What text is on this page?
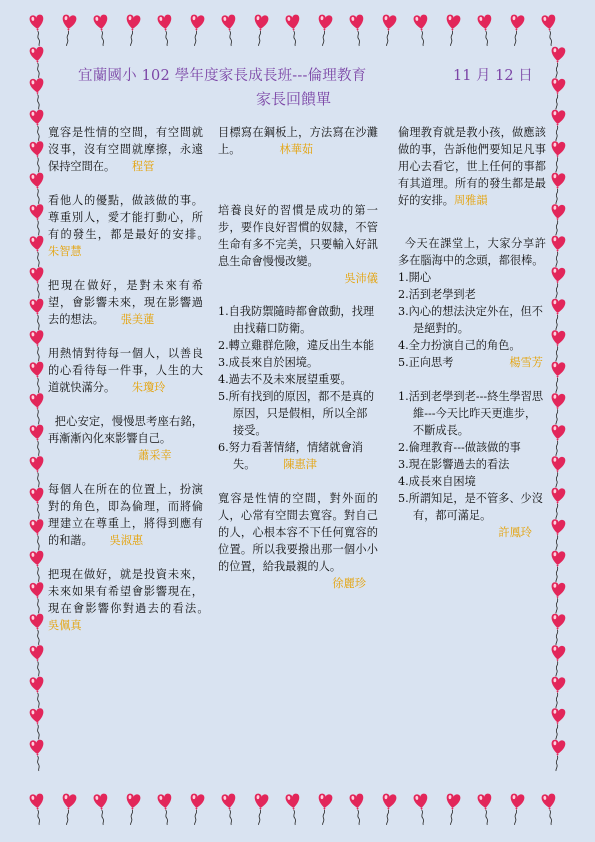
宜蘭國小 102 學年度家長成長班---倫理教育	11 月 12 日
家長回饋單

寬容是性情的空間，有空間就沒事，沒有空間就摩擦，永遠保持空間在。　　 程管

看他人的優點，做該做的事。尊重別人，愛才能打動心，所有的發生，都是最好的安排。　　朱智慧

把現在做好，是對未來有希望，會影響未來，現在影響過去的想法。　　 張美蓮

用熱情對待每一個人，以善良的心看待每一件事，人生的大道就快滿分。　　 朱瓊玲

把心安定，慢慢思考座右銘，再漸漸內化來影響自己。
蕭采幸

每個人在所在的位置上，扮演對的角色，即為倫理，而將倫理建立在尊重上，將得到應有的和諧。　　 吳淑惠

把現在做好，就是投資未來，未來如果有希望會影響現在，現在會影響你對過去的看法。　　　吳佩真

目標寫在鋼板上，方法寫在沙灘上。　　　　	林華茹

培養良好的習慣是成功的第一步，要作良好習慣的奴隸，不管生命有多不完美，只要輸入好訊息生命會慢慢改變。

吳沛儀
1.自我防禦隨時都會啟動，找理由找藉口防衛。
2.轉立雞群危險，違反出生本能
3.成長來自於困境。
4.過去不及未來展望重要。
5.所有找到的原因，都不是真的原因，只是假相，所以全部接受。
6.努力看著情緒，情緒就會消失。　　　	陳惠津

寬容是性情的空間，對外面的人，心常有空間去寬容。對自己的人，心根本容不下任何寬容的位置。所以我要撥出那一個小小的位置，給我最親的人。

徐麗珍

倫理教育就是教小孩，做應該做的事，告訴他們要知足凡事用心去看它，世上任何的事都有其道理。所有的發生都是最好的安排。周雅韻

今天在課堂上，大家分享許多在腦海中的念頭，都很棒。

1.開心
2.活到老學到老
3.內心的想法決定外在，但不是絕對的。
4.全力扮演自己的角色。
5.正向思考　　　　　	楊雪芳
1.活到老學到老---終生學習思維---今天比昨天更進步，不斷成長。
2.倫理教育---做該做的事
3.現在影響過去的看法
4.成長來自困境
5.所謂知足，是不管多、少沒有，都可滿足。
許鳳玲
